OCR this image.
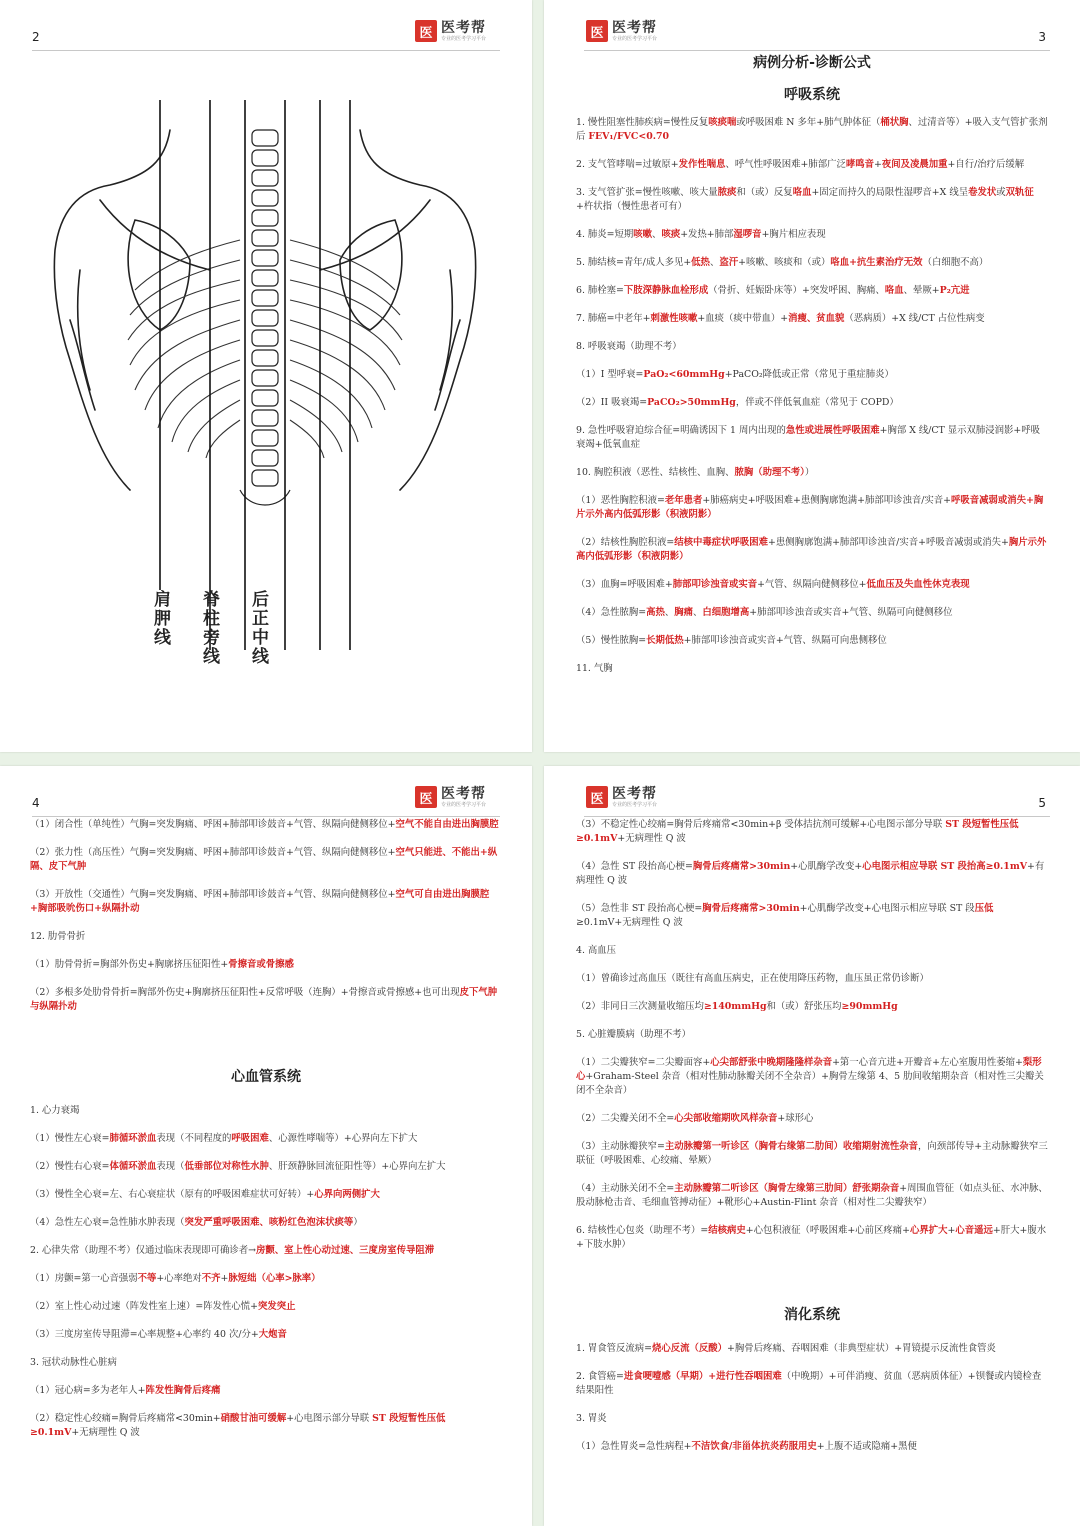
2	医 医考帮
专业的医考学习平台
肩胛线 脊柱旁线 后正中线
医 医考帮
专业的医考学习平台	3
病例分析-诊断公式
呼吸系统

1. 慢性阻塞性肺疾病=慢性反复咳痰喘或呼吸困难 N 多年+肺气肿体征（桶状胸、过清音等）+吸入支气管扩张剂后 FEV₁/FVC<0.70

2. 支气管哮喘=过敏原+发作性喘息、呼气性呼吸困难+肺部广泛哮鸣音+夜间及凌晨加重+自行/治疗后缓解

3. 支气管扩张=慢性咳嗽、咳大量脓痰和（或）反复咯血+固定而持久的局限性湿啰音+X 线呈卷发状或双轨征+杵状指（慢性患者可有）

4. 肺炎=短期咳嗽、咳痰+发热+肺部湿啰音+胸片相应表现

5. 肺结核=青年/成人多见+低热、盗汗+咳嗽、咳痰和（或）咯血+抗生素治疗无效（白细胞不高）

6. 肺栓塞=下肢深静脉血栓形成（骨折、妊娠卧床等）+突发呼困、胸痛、咯血、晕厥+P₂亢进

7. 肺癌=中老年+刺激性咳嗽+血痰（痰中带血）+消瘦、贫血貌（恶病质）+X 线/CT 占位性病变

8. 呼吸衰竭（助理不考）

（1）I 型呼衰=PaO₂<60mmHg+PaCO₂降低或正常（常见于重症肺炎）

（2）II 吸衰竭=PaCO₂>50mmHg，伴或不伴低氧血症（常见于 COPD）

9. 急性呼吸窘迫综合征=明确诱因下 1 周内出现的急性或进展性呼吸困难+胸部 X 线/CT 显示双肺浸润影+呼吸衰竭+低氧血症

10. 胸腔积液（恶性、结核性、血胸、脓胸（助理不考））

（1）恶性胸腔积液=老年患者+肺癌病史+呼吸困难+患侧胸廓饱满+肺部叩诊浊音/实音+呼吸音减弱或消失+胸片示外高内低弧形影（积液阴影）

（2）结核性胸腔积液=结核中毒症状呼吸困难+患侧胸廓饱满+肺部叩诊浊音/实音+呼吸音减弱或消失+胸片示外高内低弧形影（积液阴影）

（3）血胸=呼吸困难+肺部叩诊浊音或实音+气管、纵隔向健侧移位+低血压及失血性休克表现

（4）急性脓胸=高热、胸痛、白细胞增高+肺部叩诊浊音或实音+气管、纵隔可向健侧移位

（5）慢性脓胸=长期低热+肺部叩诊浊音或实音+气管、纵隔可向患侧移位

11. 气胸

4	医 医考帮
专业的医考学习平台

（1）闭合性（单纯性）气胸=突发胸痛、呼困+肺部叩诊鼓音+气管、纵隔向健侧移位+空气不能自由进出胸膜腔

（2）张力性（高压性）气胸=突发胸痛、呼困+肺部叩诊鼓音+气管、纵隔向健侧移位+空气只能进、不能出+纵隔、皮下气肿

（3）开放性（交通性）气胸=突发胸痛、呼困+肺部叩诊鼓音+气管、纵隔向健侧移位+空气可自由进出胸膜腔+胸部吸吮伤口+纵隔扑动

12. 肋骨骨折

（1）肋骨骨折=胸部外伤史+胸廓挤压征阳性+骨擦音或骨擦感

（2）多根多处肋骨骨折=胸部外伤史+胸廓挤压征阳性+反常呼吸（连胸）+骨擦音或骨擦感+也可出现皮下气肿与纵隔扑动

心血管系统

1. 心力衰竭

（1）慢性左心衰=肺循环淤血表现（不同程度的呼吸困难、心源性哮喘等）+心界向左下扩大

（2）慢性右心衰=体循环淤血表现（低垂部位对称性水肿、肝颈静脉回流征阳性等）+心界向左扩大

（3）慢性全心衰=左、右心衰症状（原有的呼吸困难症状可好转）+心界向两侧扩大

（4）急性左心衰=急性肺水肿表现（突发严重呼吸困难、咳粉红色泡沫状痰等）

2. 心律失常（助理不考）仅通过临床表现即可确诊者→房颤、室上性心动过速、三度房室传导阻滞

（1）房颤=第一心音强弱不等+心率绝对不齐+脉短绌（心率>脉率）

（2）室上性心动过速（阵发性室上速）=阵发性心慌+突发突止

（3）三度房室传导阻滞=心率规整+心率约 40 次/分+大炮音

3. 冠状动脉性心脏病

（1）冠心病=多为老年人+阵发性胸骨后疼痛

（2）稳定性心绞痛=胸骨后疼痛常<30min+硝酸甘油可缓解+心电图示部分导联 ST 段短暂性压低≥0.1mV+无病理性 Q 波

医 医考帮
专业的医考学习平台	5

（3）不稳定性心绞痛=胸骨后疼痛常<30min+β 受体拮抗剂可缓解+心电图示部分导联 ST 段短暂性压低≥0.1mV+无病理性 Q 波

（4）急性 ST 段抬高心梗=胸骨后疼痛常>30min+心肌酶学改变+心电图示相应导联 ST 段抬高≥0.1mV+有病理性 Q 波

（5）急性非 ST 段抬高心梗=胸骨后疼痛常>30min+心肌酶学改变+心电图示相应导联 ST 段压低≥0.1mV+无病理性 Q 波

4. 高血压

（1）曾确诊过高血压（既往有高血压病史，正在使用降压药物，血压虽正常仍诊断）

（2）非同日三次测量收缩压均≥140mmHg和（或）舒张压均≥90mmHg

5. 心脏瓣膜病（助理不考）

（1）二尖瓣狭窄=二尖瓣面容+心尖部舒张中晚期隆隆样杂音+第一心音亢进+开瓣音+左心室腹用性萎缩+梨形心+Graham-Steel 杂音（相对性肺动脉瓣关闭不全杂音）+胸骨左缘第 4、5 肋间收缩期杂音（相对性三尖瓣关闭不全杂音）

（2）二尖瓣关闭不全=心尖部收缩期吹风样杂音+球形心

（3）主动脉瓣狭窄=主动脉瓣第一听诊区（胸骨右缘第二肋间）收缩期射流性杂音，向颈部传导+主动脉瓣狭窄三联征（呼吸困难、心绞痛、晕厥）

（4）主动脉关闭不全=主动脉瓣第二听诊区（胸骨左缘第三肋间）舒张期杂音+周围血管征（如点头征、水冲脉、股动脉枪击音、毛细血管搏动征）+靴形心+Austin-Flint 杂音（相对性二尖瓣狭窄）

6. 结核性心包炎（助理不考）=结核病史+心包积液征（呼吸困难+心前区疼痛+心界扩大+心音遥远+肝大+腹水+下肢水肿）

消化系统

1. 胃食管反流病=烧心反流（反酸）+胸骨后疼痛、吞咽困难（非典型症状）+胃镜提示反流性食管炎

2. 食管癌=进食哽噎感（早期）+进行性吞咽困难（中晚期）+可伴消瘦、贫血（恶病质体征）+钡餐或内镜检查结果阳性

3. 胃炎

（1）急性胃炎=急性病程+不洁饮食/非甾体抗炎药服用史+上腹不适或隐痛+黑便
